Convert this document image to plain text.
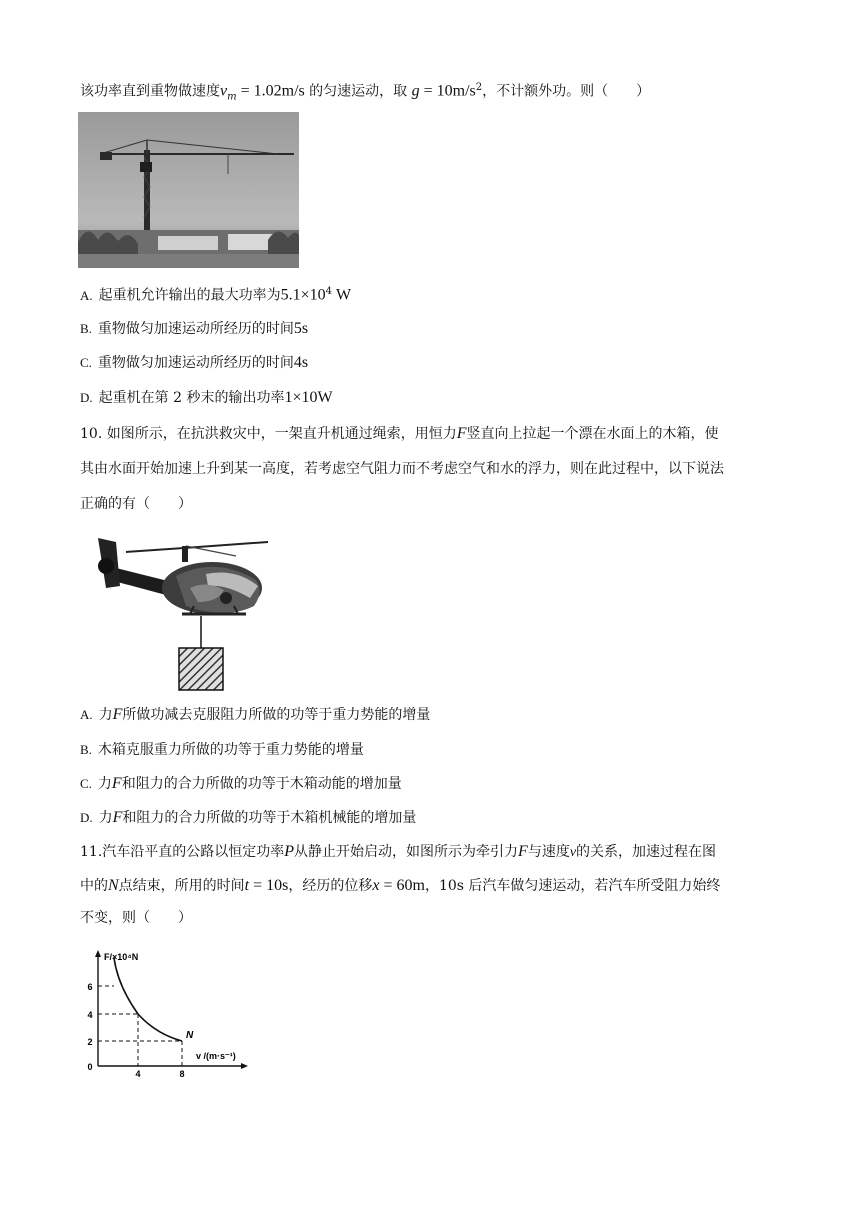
该功率直到重物做速度$v_m = 1.02m/s$ 的匀速运动，取 $g = 10m/s^2$，不计额外功。则（　　）
A. 起重机允许输出的最大功率为$5.1\times 10^4$ W
B. 重物做匀加速运动所经历的时间5s
C. 重物做匀加速运动所经历的时间4s
D. 起重机在第 2 秒末的输出功率1×10W
10. 如图所示，在抗洪救灾中，一架直升机通过绳索，用恒力F竖直向上拉起一个漂在水面上的木箱，使
其由水面开始加速上升到某一高度，若考虑空气阻力而不考虑空气和水的浮力，则在此过程中，以下说法
正确的有（　　）
A. 力F所做功减去克服阻力所做的功等于重力势能的增量
B. 木箱克服重力所做的功等于重力势能的增量
C. 力F和阻力的合力所做的功等于木箱动能的增加量
D. 力F和阻力的合力所做的功等于木箱机械能的增加量
11.汽车沿平直的公路以恒定功率P从静止开始启动，如图所示为牵引力F与速度v的关系，加速过程在图
中的N点结束，所用的时间t = 10s，经历的位移x = 60m，10s 后汽车做匀速运动，若汽车所受阻力始终
不变，则（　　）
F/×10⁴N
6
4
2
0
4	8
N
v /(m·s⁻¹)
